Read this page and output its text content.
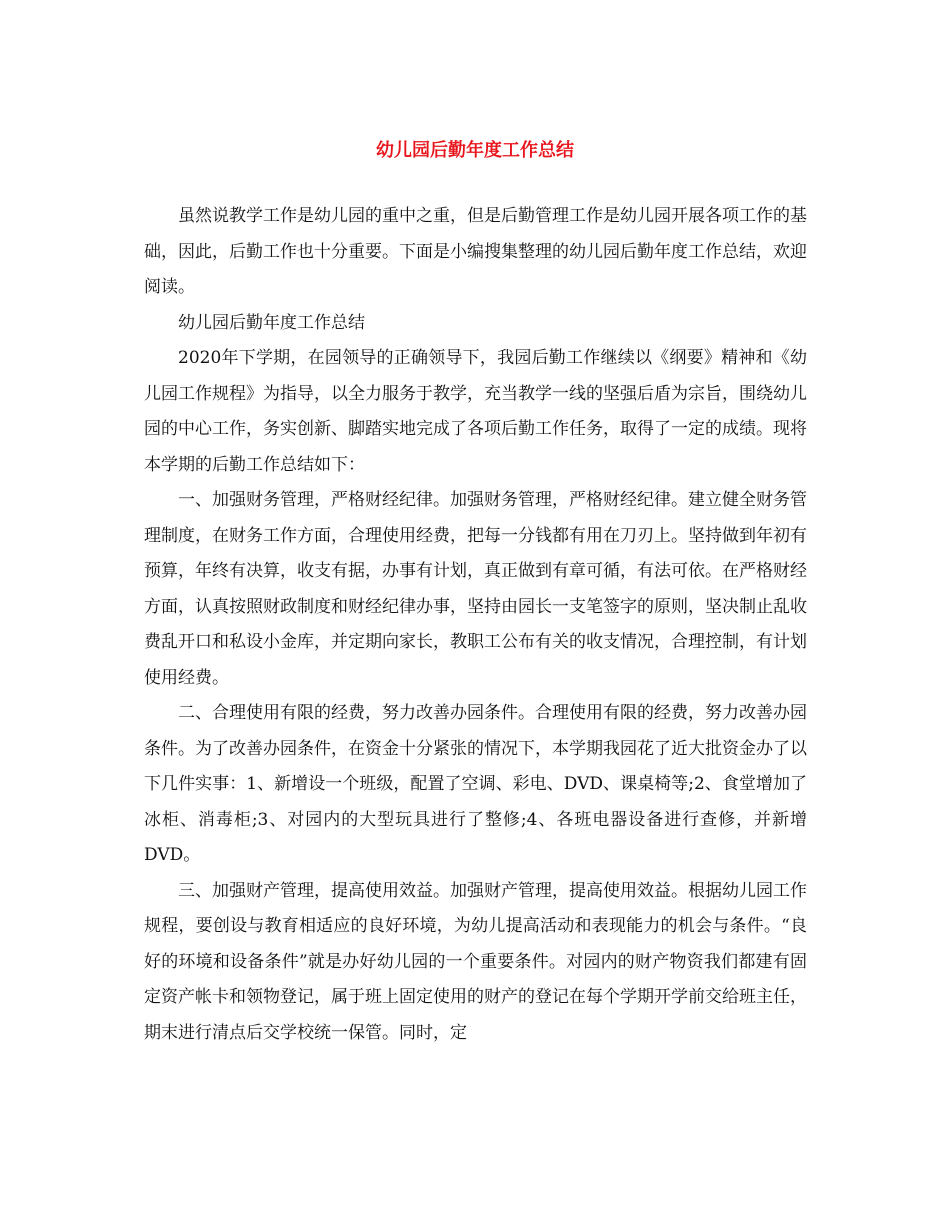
幼儿园后勤年度工作总结

虽然说教学工作是幼儿园的重中之重，但是后勤管理工作是幼儿园开展各项工作的基础，因此，后勤工作也十分重要。下面是小编搜集整理的幼儿园后勤年度工作总结，欢迎阅读。

幼儿园后勤年度工作总结

2020年下学期，在园领导的正确领导下，我园后勤工作继续以《纲要》精神和《幼儿园工作规程》为指导，以全力服务于教学，充当教学一线的坚强后盾为宗旨，围绕幼儿园的中心工作，务实创新、脚踏实地完成了各项后勤工作任务，取得了一定的成绩。现将本学期的后勤工作总结如下：

一、加强财务管理，严格财经纪律。加强财务管理，严格财经纪律。建立健全财务管理制度，在财务工作方面，合理使用经费，把每一分钱都有用在刀刃上。坚持做到年初有预算，年终有决算，收支有据，办事有计划，真正做到有章可循，有法可依。在严格财经方面，认真按照财政制度和财经纪律办事，坚持由园长一支笔签字的原则，坚决制止乱收费乱开口和私设小金库，并定期向家长，教职工公布有关的收支情况，合理控制，有计划使用经费。

二、合理使用有限的经费，努力改善办园条件。合理使用有限的经费，努力改善办园条件。为了改善办园条件，在资金十分紧张的情况下，本学期我园花了近大批资金办了以下几件实事：1、新增设一个班级，配置了空调、彩电、DVD、课桌椅等;2、食堂增加了冰柜、消毒柜;3、对园内的大型玩具进行了整修;4、各班电器设备进行查修，并新增DVD。

三、加强财产管理，提高使用效益。加强财产管理，提高使用效益。根据幼儿园工作规程，要创设与教育相适应的良好环境，为幼儿提高活动和表现能力的机会与条件。“良好的环境和设备条件”就是办好幼儿园的一个重要条件。对园内的财产物资我们都建有固定资产帐卡和领物登记，属于班上固定使用的财产的登记在每个学期开学前交给班主任，期末进行清点后交学校统一保管。同时，定
